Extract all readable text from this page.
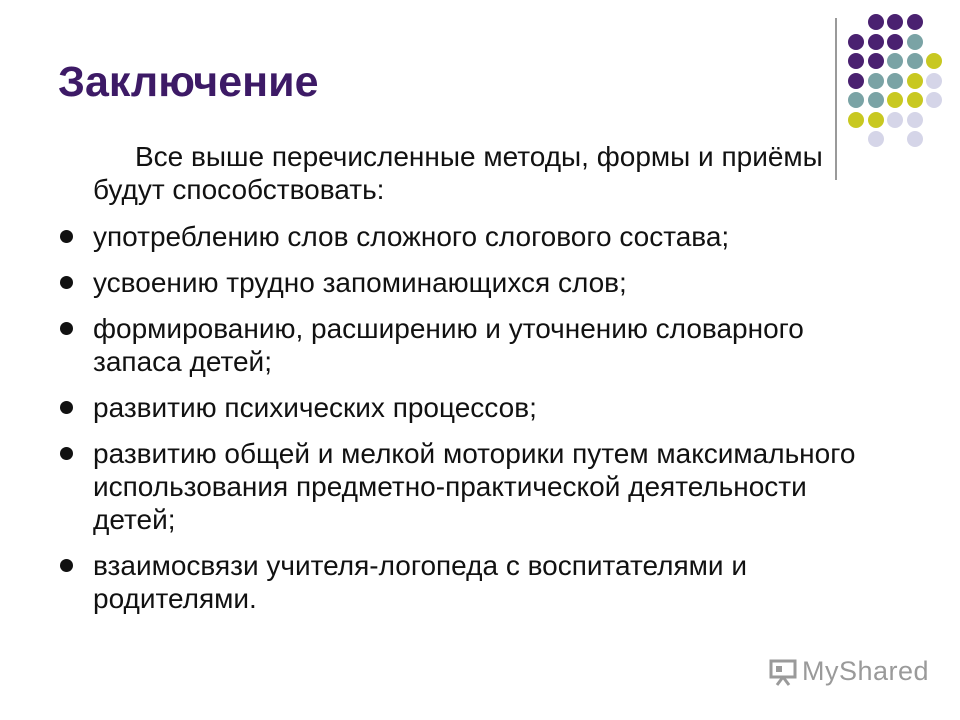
Заключение

Все выше перечисленные методы, формы и приёмы будут способствовать:

употреблению слов сложного слогового состава;
усвоению трудно запоминающихся слов;
формированию, расширению и уточнению словарного запаса детей;
развитию психических процессов;
развитию общей и мелкой моторики путем максимального использования предметно-практической деятельности детей;
взаимосвязи учителя-логопеда с воспитателями и родителями.
MyShared
